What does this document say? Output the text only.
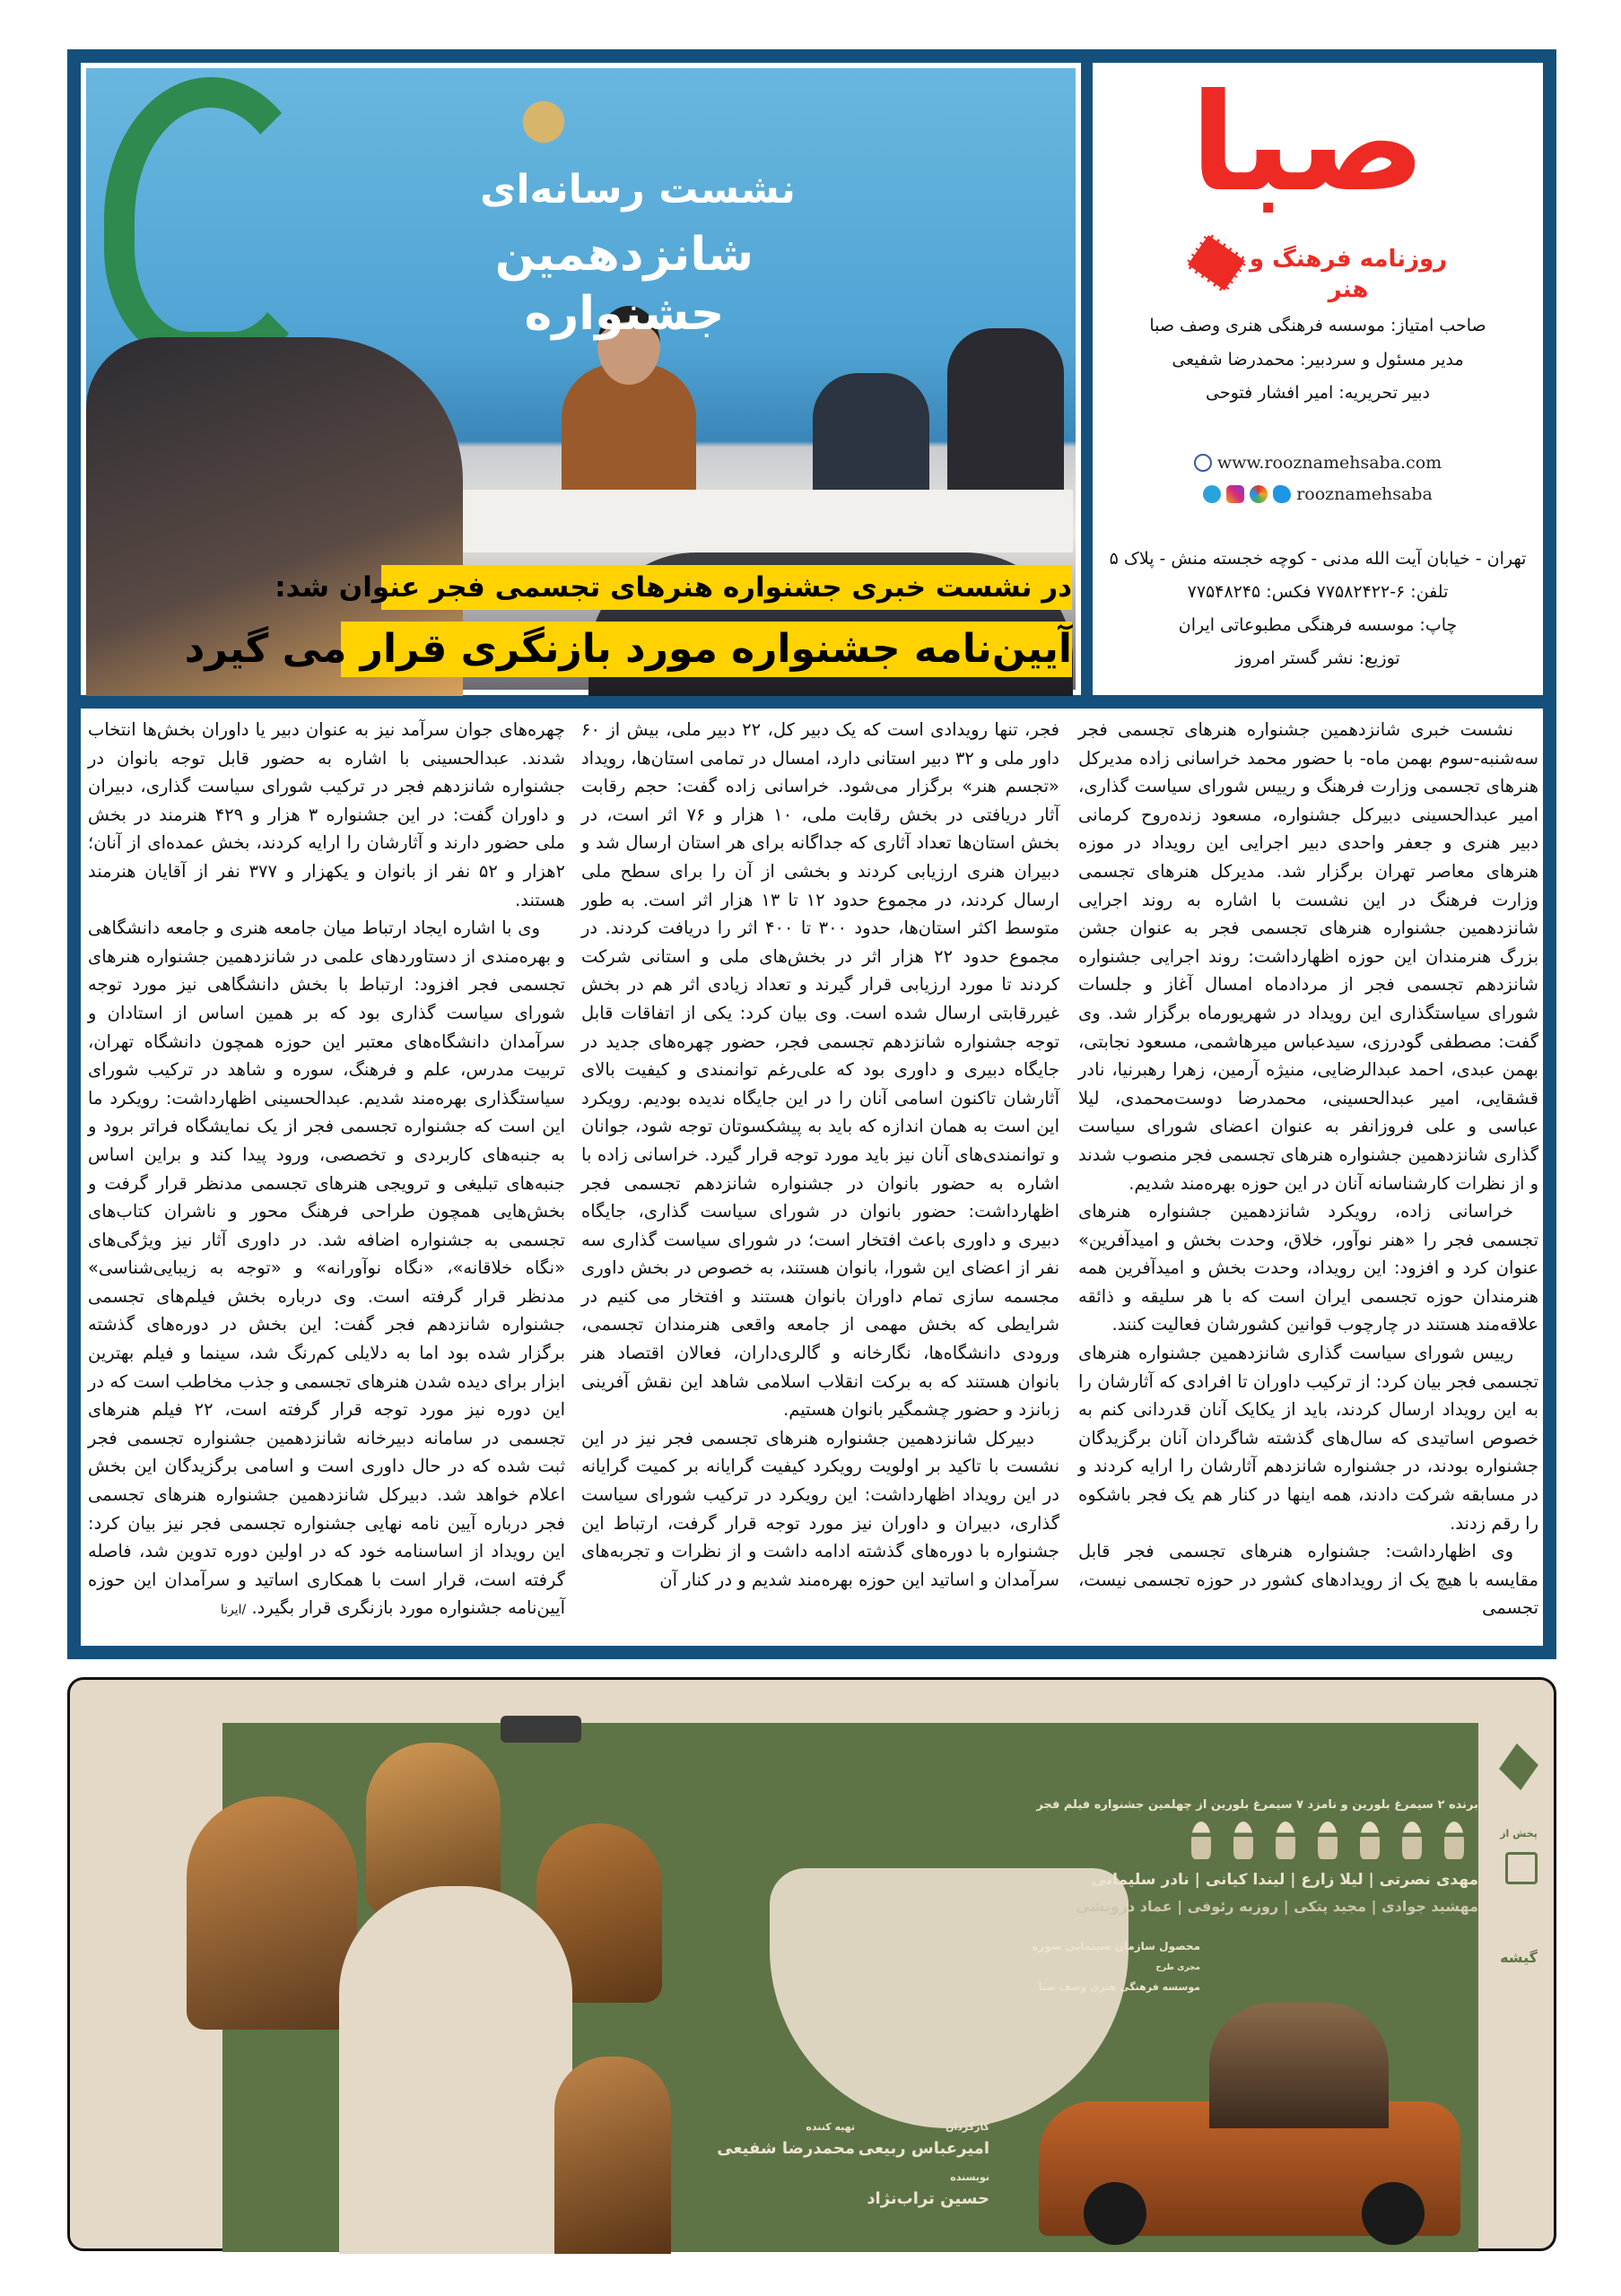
نشست رسانه‌ای
شانزدهمین جشنواره
در نشست خبری جشنواره هنرهای تجسمی فجر عنوان شد:
آیین‌نامه جشنواره مورد بازنگری قرار می گیرد
صبا
روزنامه فرهنگ و هنر
صاحب امتیاز: موسسه فرهنگی هنری وصف صبا
مدیر مسئول و سردبیر: محمدرضا شفیعی
دبیر تحریریه: امیر افشار فتوحی
www.rooznamehsaba.com
rooznamehsaba
تهران - خیابان آیت الله مدنی - کوچه خجسته منش - پلاک ۵
تلفن: ۶-۷۷۵۸۲۴۲۲ فکس: ۷۷۵۴۸۲۴۵
چاپ: موسسه فرهنگی مطبوعاتی ایران
توزیع: نشر گستر امروز

نشست خبری شانزدهمین جشنواره هنرهای تجسمی فجر سه‌شنبه-سوم بهمن ماه- با حضور محمد خراسانی زاده مدیرکل هنرهای تجسمی وزارت فرهنگ و رییس شورای سیاست گذاری، امیر عبدالحسینی دبیرکل جشنواره، مسعود زنده‌روح کرمانی دبیر هنری و جعفر واحدی دبیر اجرایی این رویداد در موزه هنرهای معاصر تهران برگزار شد. مدیرکل هنرهای تجسمی وزارت فرهنگ در این نشست با اشاره به روند اجرایی شانزدهمین جشنواره هنرهای تجسمی فجر به عنوان جشن بزرگ هنرمندان این حوزه اظهارداشت: روند اجرایی جشنواره شانزدهم تجسمی فجر از مردادماه امسال آغاز و جلسات شورای سیاستگذاری این رویداد در شهریورماه برگزار شد. وی گفت: مصطفی گودرزی، سیدعباس میرهاشمی، مسعود نجابتی، بهمن عبدی، احمد عبدالرضایی، منیژه آرمین، زهرا رهبرنیا، نادر قشقایی، امیر عبدالحسینی، محمدرضا دوست‌محمدی، لیلا عباسی و علی فروزانفر به عنوان اعضای شورای سیاست گذاری شانزدهمین جشنواره هنرهای تجسمی فجر منصوب شدند و از نظرات کارشناسانه آنان در این حوزه بهره‌مند شدیم.

خراسانی زاده، رویکرد شانزدهمین جشنواره هنرهای تجسمی فجر را «هنر نوآور، خلاق، وحدت بخش و امیدآفرین» عنوان کرد و افزود: این رویداد، وحدت بخش و امیدآفرین همه هنرمندان حوزه تجسمی ایران است که با هر سلیقه و ذائقه علاقه‌مند هستند در چارچوب قوانین کشورشان فعالیت کنند.

رییس شورای سیاست گذاری شانزدهمین جشنواره هنرهای تجسمی فجر بیان کرد: از ترکیب داوران تا افرادی که آثارشان را به این رویداد ارسال کردند، باید از یکایک آنان قدردانی کنم به خصوص اساتیدی که سال‌های گذشته شاگردان آنان برگزیدگان جشنواره بودند، در جشنواره شانزدهم آثارشان را ارایه کردند و در مسابقه شرکت دادند، همه اینها در کنار هم یک فجر باشکوه را رقم زدند.

وی اظهارداشت: جشنواره هنرهای تجسمی فجر قابل مقایسه با هیچ یک از رویدادهای کشور در حوزه تجسمی نیست، تجسمی

فجر، تنها رویدادی است که یک دبیر کل، ۲۲ دبیر ملی، بیش از ۶۰ داور ملی و ۳۲ دبیر استانی دارد، امسال در تمامی استان‌ها، رویداد «تجسم هنر» برگزار می‌شود. خراسانی زاده گفت: حجم رقابت آثار دریافتی در بخش رقابت ملی، ۱۰ هزار و ۷۶ اثر است، در بخش استان‌ها تعداد آثاری که جداگانه برای هر استان ارسال شد و دبیران هنری ارزیابی کردند و بخشی از آن را برای سطح ملی ارسال کردند، در مجموع حدود ۱۲ تا ۱۳ هزار اثر است. به طور متوسط اکثر استان‌ها، حدود ۳۰۰ تا ۴۰۰ اثر را دریافت کردند. در مجموع حدود ۲۲ هزار اثر در بخش‌های ملی و استانی شرکت کردند تا مورد ارزیابی قرار گیرند و تعداد زیادی اثر هم در بخش غیررقابتی ارسال شده است. وی بیان کرد: یکی از اتفاقات قابل توجه جشنواره شانزدهم تجسمی فجر، حضور چهره‌های جدید در جایگاه دبیری و داوری بود که علی‌رغم توانمندی و کیفیت بالای آثارشان تاکنون اسامی آنان را در این جایگاه ندیده بودیم. رویکرد این است به همان اندازه که باید به پیشکسوتان توجه شود، جوانان و توانمندی‌های آنان نیز باید مورد توجه قرار گیرد. خراسانی زاده با اشاره به حضور بانوان در جشنواره شانزدهم تجسمی فجر اظهارداشت: حضور بانوان در شورای سیاست گذاری، جایگاه دبیری و داوری باعث افتخار است؛ در شورای سیاست گذاری سه نفر از اعضای این شورا، بانوان هستند، به خصوص در بخش داوری مجسمه سازی تمام داوران بانوان هستند و افتخار می کنیم در شرایطی که بخش مهمی از جامعه واقعی هنرمندان تجسمی، ورودی دانشگاه‌ها، نگارخانه و گالری‌داران، فعالان اقتصاد هنر بانوان هستند که به برکت انقلاب اسلامی شاهد این نقش آفرینی زبانزد و حضور چشمگیر بانوان هستیم.

دبیرکل شانزدهمین جشنواره هنرهای تجسمی فجر نیز در این نشست با تاکید بر اولویت رویکرد کیفیت گرایانه بر کمیت گرایانه در این رویداد اظهارداشت: این رویکرد در ترکیب شورای سیاست گذاری، دبیران و داوران نیز مورد توجه قرار گرفت، ارتباط این جشنواره با دوره‌های گذشته ادامه داشت و از نظرات و تجربه‌های سرآمدان و اساتید این حوزه بهره‌مند شدیم و در کنار آن

چهره‌های جوان سرآمد نیز به عنوان دبیر یا داوران بخش‌ها انتخاب شدند. عبدالحسینی با اشاره به حضور قابل توجه بانوان در جشنواره شانزدهم فجر در ترکیب شورای سیاست گذاری، دبیران و داوران گفت: در این جشنواره ۳ هزار و ۴۲۹ هنرمند در بخش ملی حضور دارند و آثارشان را ارایه کردند، بخش عمده‌ای از آنان؛ ۲هزار و ۵۲ نفر از بانوان و یکهزار و ۳۷۷ نفر از آقایان هنرمند هستند.

وی با اشاره ایجاد ارتباط میان جامعه هنری و جامعه دانشگاهی و بهره‌مندی از دستاوردهای علمی در شانزدهمین جشنواره هنرهای تجسمی فجر افزود: ارتباط با بخش دانشگاهی نیز مورد توجه شورای سیاست گذاری بود که بر همین اساس از استادان و سرآمدان دانشگاه‌های معتبر این حوزه همچون دانشگاه تهران، تربیت مدرس، علم و فرهنگ، سوره و شاهد در ترکیب شورای سیاستگذاری بهره‌مند شدیم. عبدالحسینی اظهارداشت: رویکرد ما این است که جشنواره تجسمی فجر از یک نمایشگاه فراتر برود و به جنبه‌های کاربردی و تخصصی، ورود پیدا کند و براین اساس جنبه‌های تبلیغی و ترویجی هنرهای تجسمی مدنظر قرار گرفت و بخش‌هایی همچون طراحی فرهنگ محور و ناشران کتاب‌های تجسمی به جشنواره اضافه شد. در داوری آثار نیز ویژگی‌های «نگاه خلاقانه»، «نگاه نوآورانه» و «توجه به زیبایی‌شناسی» مدنظر قرار گرفته است. وی درباره بخش فیلم‌های تجسمی جشنواره شانزدهم فجر گفت: این بخش در دوره‌های گذشته برگزار شده بود اما به دلایلی کم‌رنگ شد، سینما و فیلم بهترین ابزار برای دیده شدن هنرهای تجسمی و جذب مخاطب است که در این دوره نیز مورد توجه قرار گرفته است، ۲۲ فیلم هنرهای تجسمی در سامانه دبیرخانه شانزدهمین جشنواره تجسمی فجر ثبت شده که در حال داوری است و اسامی برگزیدگان این بخش اعلام خواهد شد. دبیرکل شانزدهمین جشنواره هنرهای تجسمی فجر درباره آیین نامه نهایی جشنواره تجسمی فجر نیز بیان کرد: این رویداد از اساسنامه خود که در اولین دوره تدوین شد، فاصله گرفته است، قرار است با همکاری اساتید و سرآمدان این حوزه آیین‌نامه جشنواره مورد بازنگری قرار بگیرد. /ایرنا

برنده ۲ سیمرغ بلورین و نامزد ۷ سیمرغ بلورین از چهلمین جشنواره فیلم فجر
مهدی نصرتی | لیلا زارع | لیندا کیانی | نادر سلیمانی
مهشید جوادی | مجید پتکی | روزبه رئوفی | عماد درویشی
محصول سازمان سینمایی سوره
مجری طرح
موسسه فرهنگی هنری وصف صبا
کارگردان
امیرعباس ربیعی
تهیه کننده
محمدرضا شفیعی
نویسنده
حسین تراب‌نژاد
پخش از
گیشه
